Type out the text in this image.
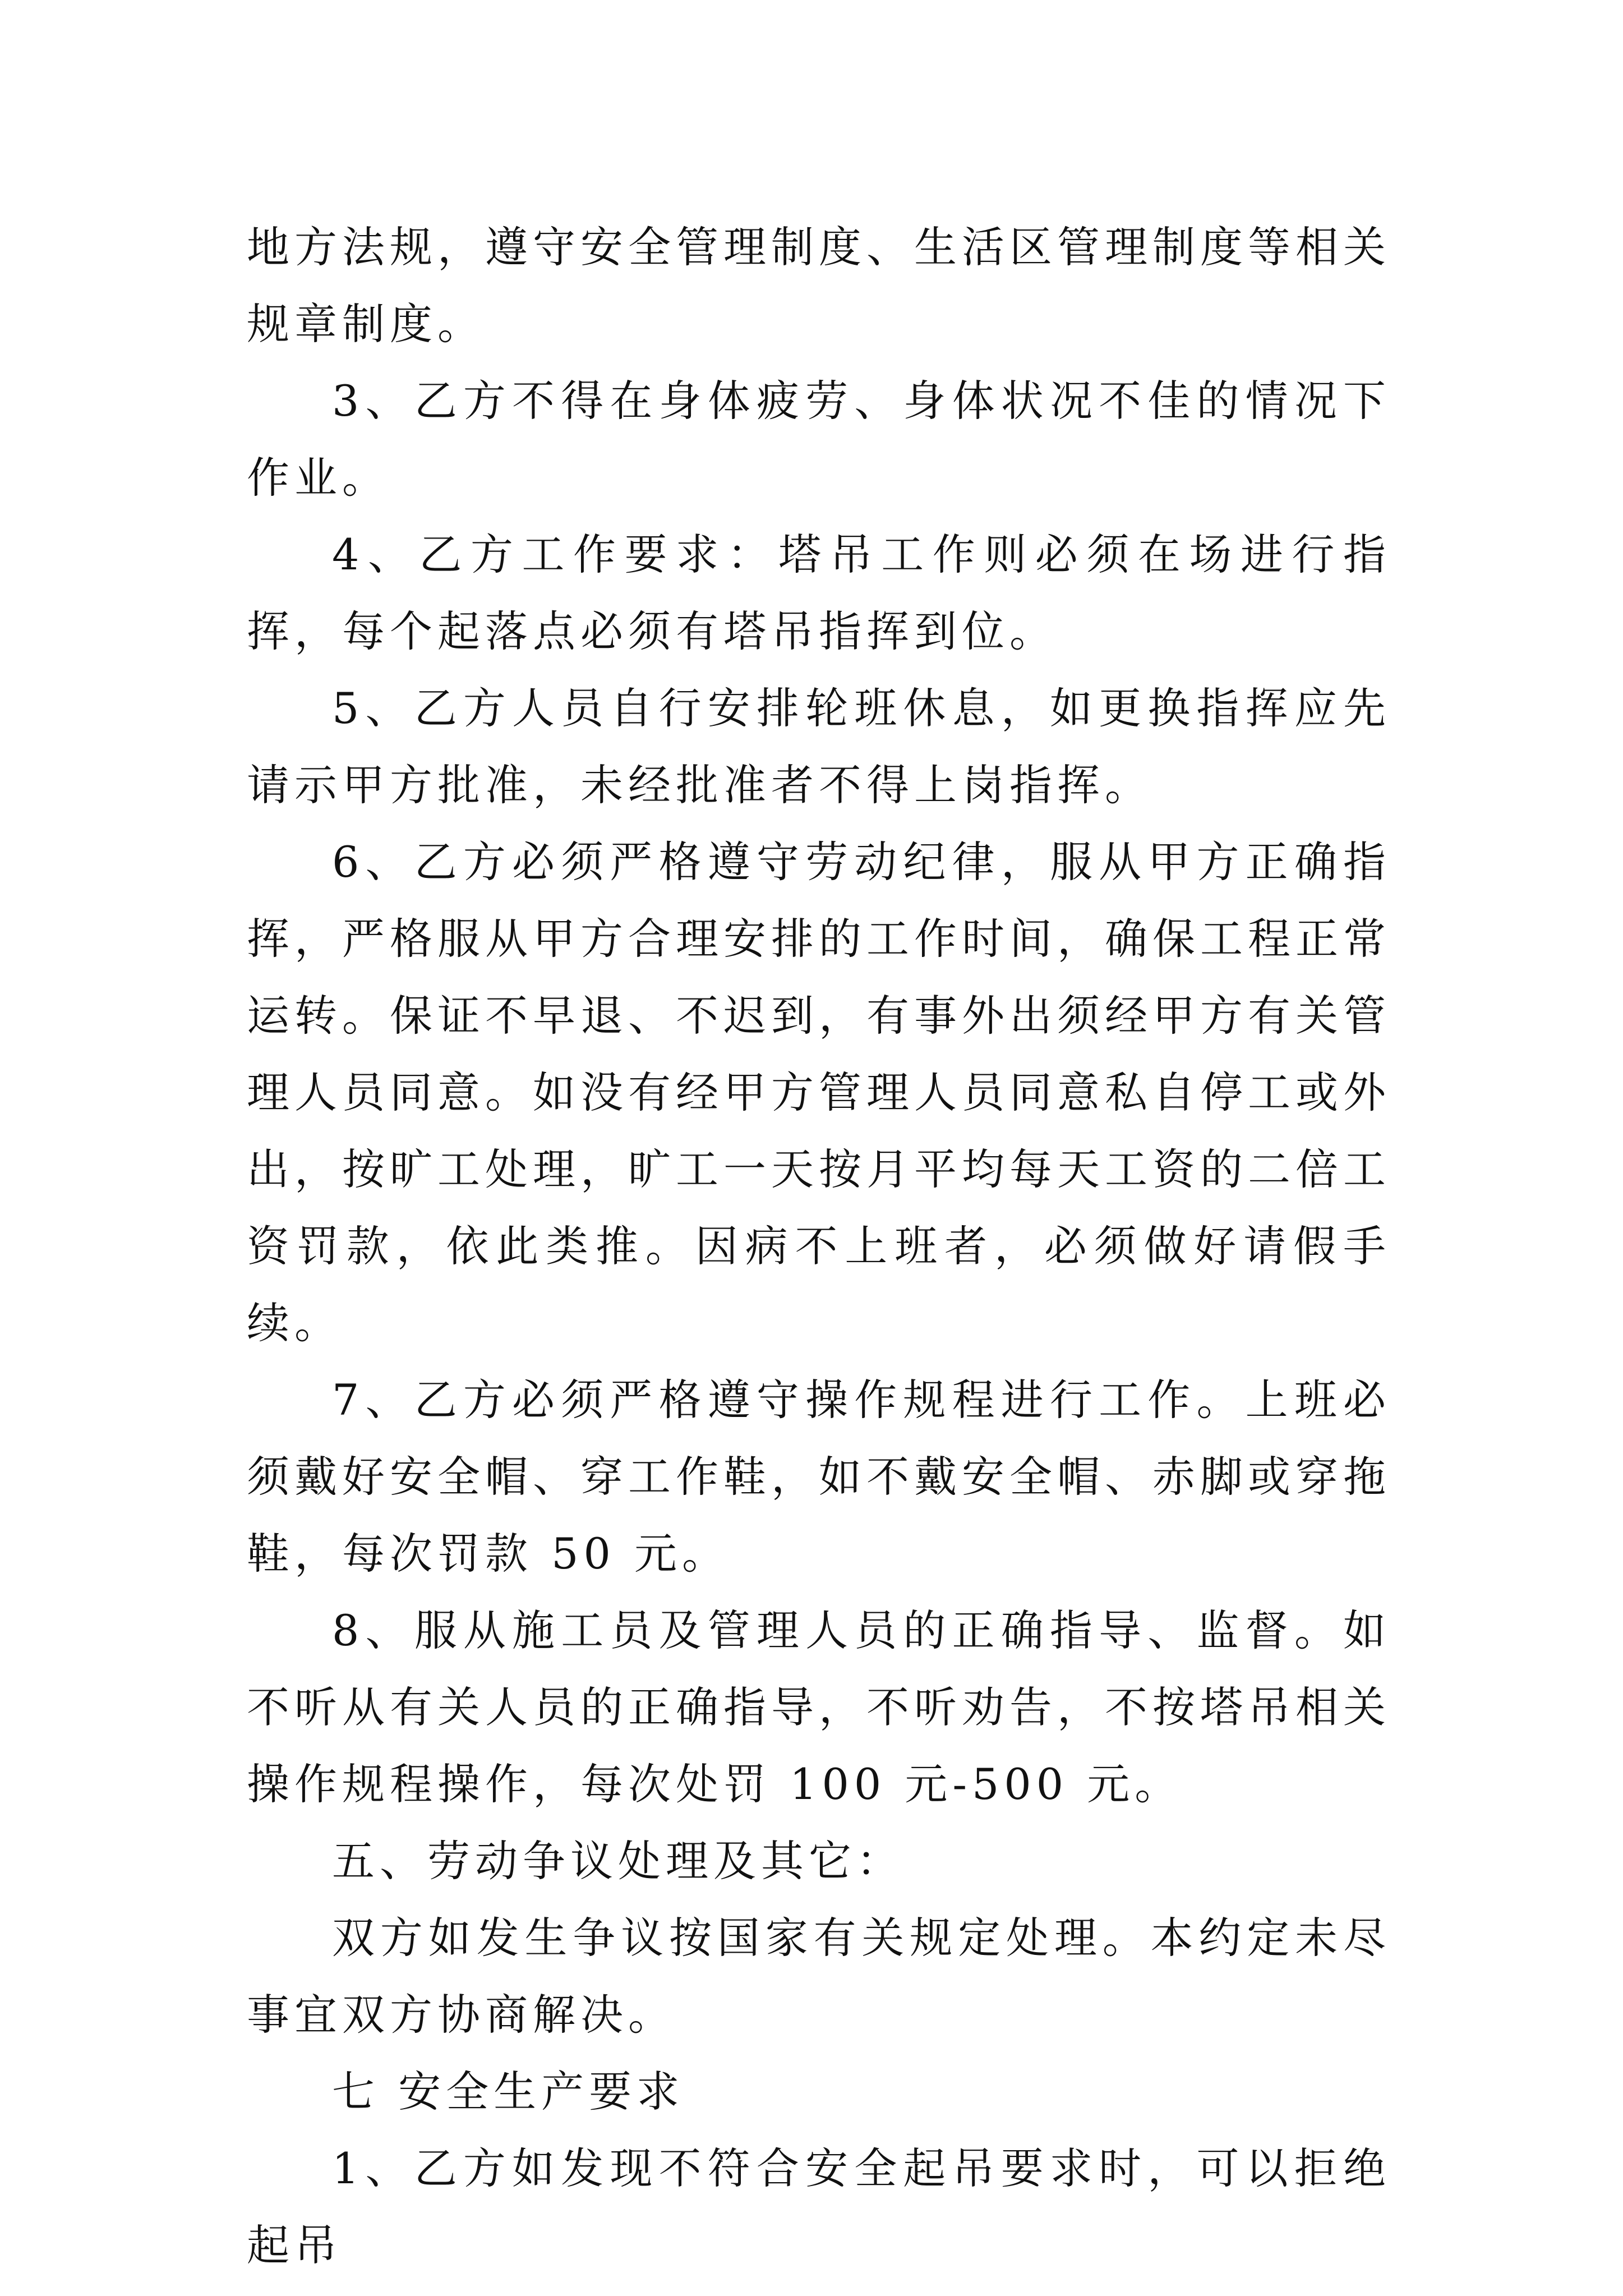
地方法规，遵守安全管理制度、生活区管理制度等相关规章制度。

3、乙方不得在身体疲劳、身体状况不佳的情况下作业。

4、乙方工作要求：塔吊工作则必须在场进行指挥，每个起落点必须有塔吊指挥到位。

5、乙方人员自行安排轮班休息，如更换指挥应先请示甲方批准，未经批准者不得上岗指挥。

6、乙方必须严格遵守劳动纪律，服从甲方正确指挥，严格服从甲方合理安排的工作时间，确保工程正常运转。保证不早退、不迟到，有事外出须经甲方有关管理人员同意。如没有经甲方管理人员同意私自停工或外出，按旷工处理，旷工一天按月平均每天工资的二倍工资罚款，依此类推。因病不上班者，必须做好请假手续。

7、乙方必须严格遵守操作规程进行工作。上班必须戴好安全帽、穿工作鞋，如不戴安全帽、赤脚或穿拖鞋，每次罚款 50 元。

8、服从施工员及管理人员的正确指导、监督。如不听从有关人员的正确指导，不听劝告，不按塔吊相关操作规程操作，每次处罚 100 元-500 元。

五、劳动争议处理及其它：

双方如发生争议按国家有关规定处理。本约定未尽事宜双方协商解决。

七 安全生产要求

1、乙方如发现不符合安全起吊要求时，可以拒绝起吊
